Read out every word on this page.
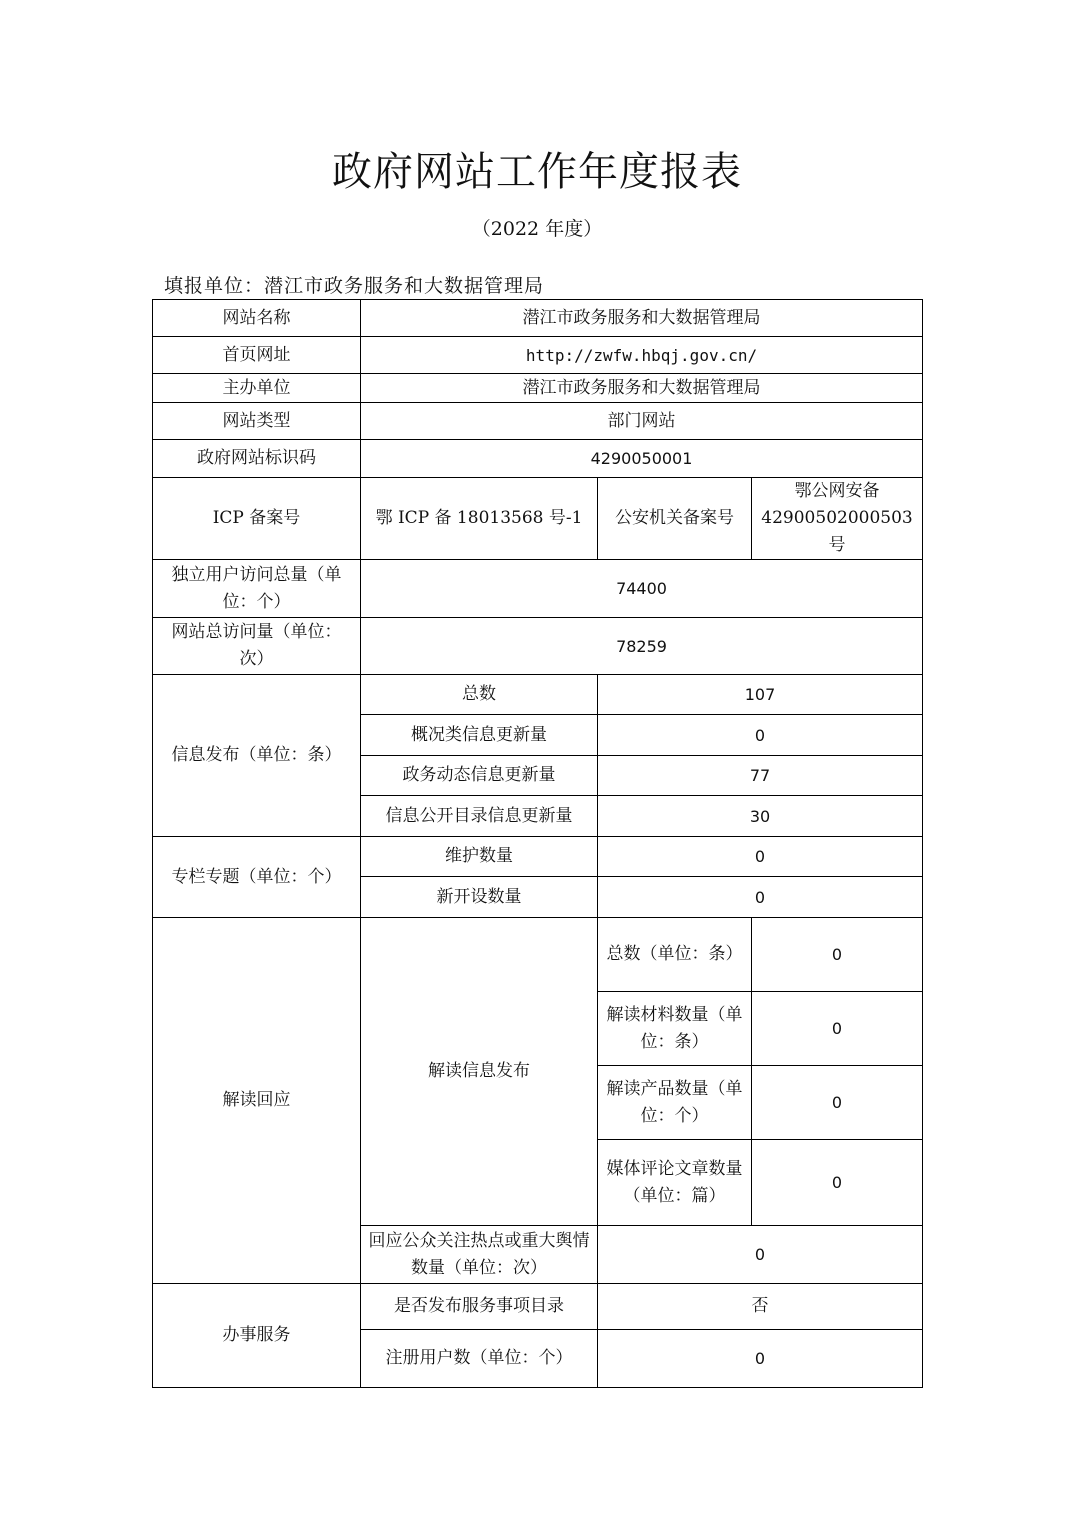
政府网站工作年度报表
（2022 年度）
填报单位：潜江市政务服务和大数据管理局
网站名称	潜江市政务服务和大数据管理局		
首页网址	http://zwfw.hbqj.gov.cn/		
主办单位	潜江市政务服务和大数据管理局		
网站类型	部门网站		
政府网站标识码	4290050001		
ICP 备案号	鄂 ICP 备 18013568 号-1	公安机关备案号	鄂公网安备 42900502000503 号
独立用户访问总量（单位：个）	74400		
网站总访问量（单位：次）	78259		
信息发布（单位：条）	总数	107	
	概况类信息更新量	0	
	政务动态信息更新量	77	
	信息公开目录信息更新量	30	
专栏专题（单位：个）	维护数量	0	
	新开设数量	0	
解读回应	解读信息发布	总数（单位：条）	0
		解读材料数量（单位：条）	0
		解读产品数量（单位：个）	0
		媒体评论文章数量（单位：篇）	0
	回应公众关注热点或重大舆情数量（单位：次）	0	
办事服务	是否发布服务事项目录	否	
	注册用户数（单位：个）	0	
